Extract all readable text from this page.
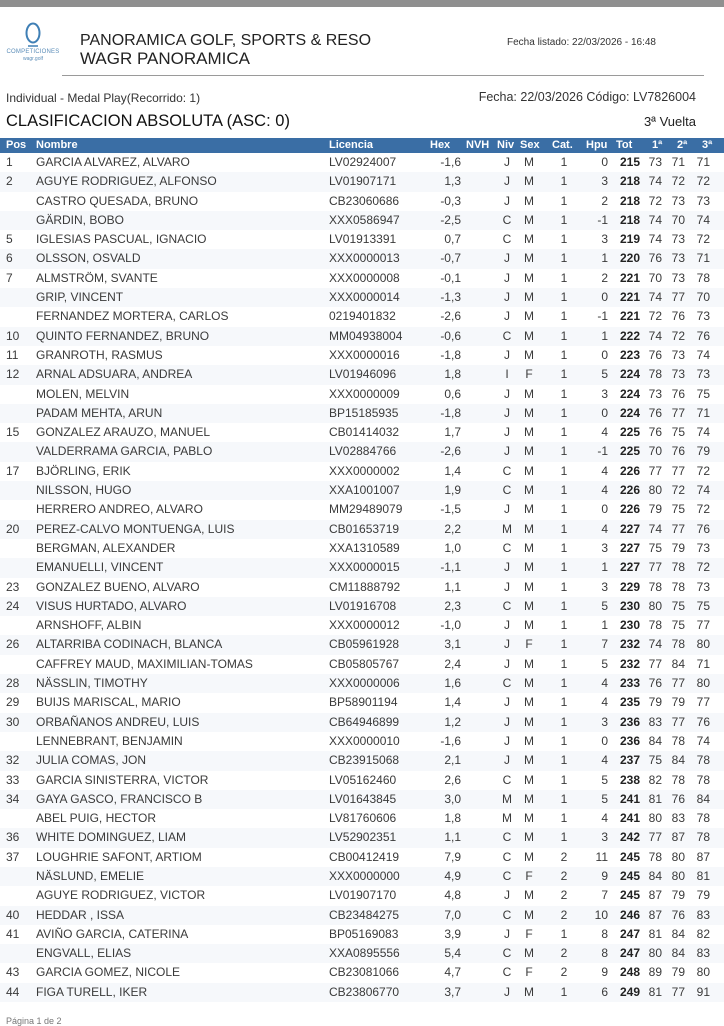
COMPETICIONES
wagr.golf
PANORAMICA GOLF, SPORTS & RESO
WAGR PANORAMICA
Fecha listado: 22/03/2026 - 16:48
Individual - Medal Play(Recorrido: 1)	Fecha: 22/03/2026 Código: LV7826004
CLASIFICACION ABSOLUTA (ASC: 0)	3ª Vuelta
Pos Nombre	Licencia	Hex	NVH Niv Sex Cat. Hpu Tot	1ª	2ª	3ª
1 GARCIA ALVAREZ, ALVARO	LV02924007	-1,6	J	M	1	0 215 73 71 71
2 AGUYE RODRIGUEZ, ALFONSO	LV01907171	1,3	J	M	1	3 218 74 72 72
CASTRO QUESADA, BRUNO	CB23060686	-0,3	J	M	1	2 218 72 73 73
GÄRDIN, BOBO	XXX0586947	-2,5	C	M	1	-1 218 74 70 74
5 IGLESIAS PASCUAL, IGNACIO	LV01913391	0,7	C	M	1	3 219 74 73 72
6 OLSSON, OSVALD	XXX0000013	-0,7	J	M	1	1 220 76 73 71
7 ALMSTRÖM, SVANTE	XXX0000008	-0,1	J	M	1	2 221 70 73 78
GRIP, VINCENT	XXX0000014	-1,3	J	M	1	0 221 74 77 70
FERNANDEZ MORTERA, CARLOS	0219401832	-2,6	J	M	1	-1 221 72 76 73
10 QUINTO FERNANDEZ, BRUNO	MM04938004	-0,6	C	M	1	1 222 74 72 76
11 GRANROTH, RASMUS	XXX0000016	-1,8	J	M	1	0 223 76 73 74
12 ARNAL ADSUARA, ANDREA	LV01946096	1,8	I	F	1	5 224 78 73 73
MOLEN, MELVIN	XXX0000009	0,6	J	M	1	3 224 73 76 75
PADAM MEHTA, ARUN	BP15185935	-1,8	J	M	1	0 224 76 77 71
15 GONZALEZ ARAUZO, MANUEL	CB01414032	1,7	J	M	1	4 225 76 75 74
VALDERRAMA GARCIA, PABLO	LV02884766	-2,6	J	M	1	-1 225 70 76 79
17 BJÖRLING, ERIK	XXX0000002	1,4	C	M	1	4 226 77 77 72
NILSSON, HUGO	XXA1001007	1,9	C	M	1	4 226 80 72 74
HERRERO ANDREO, ALVARO	MM29489079	-1,5	J	M	1	0 226 79 75 72
20 PEREZ-CALVO MONTUENGA, LUIS	CB01653719	2,2	M	M	1	4 227 74 77 76
BERGMAN, ALEXANDER	XXA1310589	1,0	C	M	1	3 227 75 79 73
EMANUELLI, VINCENT	XXX0000015	-1,1	J	M	1	1 227 77 78 72
23 GONZALEZ BUENO, ALVARO	CM11888792	1,1	J	M	1	3 229 78 78 73
24 VISUS HURTADO, ALVARO	LV01916708	2,3	C	M	1	5 230 80 75 75
ARNSHOFF, ALBIN	XXX0000012	-1,0	J	M	1	1 230 78 75 77
26 ALTARRIBA CODINACH, BLANCA	CB05961928	3,1	J	F	1	7 232 74 78 80
CAFFREY MAUD, MAXIMILIAN-TOMAS	CB05805767	2,4	J	M	1	5 232 77 84 71
28 NÄSSLIN, TIMOTHY	XXX0000006	1,6	C	M	1	4 233 76 77 80
29 BUIJS MARISCAL, MARIO	BP58901194	1,4	J	M	1	4 235 79 79 77
30 ORBAÑANOS ANDREU, LUIS	CB64946899	1,2	J	M	1	3 236 83 77 76
LENNEBRANT, BENJAMIN	XXX0000010	-1,6	J	M	1	0 236 84 78 74
32 JULIA COMAS, JON	CB23915068	2,1	J	M	1	4 237 75 84 78
33 GARCIA SINISTERRA, VICTOR	LV05162460	2,6	C	M	1	5 238 82 78 78
34 GAYA GASCO, FRANCISCO B	LV01643845	3,0	M	M	1	5 241 81 76 84
ABEL PUIG, HECTOR	LV81760606	1,8	M	M	1	4 241 80 83 78
36 WHITE DOMINGUEZ, LIAM	LV52902351	1,1	C	M	1	3 242 77 87 78
37 LOUGHRIE SAFONT, ARTIOM	CB00412419	7,9	C	M	2	11 245 78 80 87
NÄSLUND, EMELIE	XXX0000000	4,9	C	F	2	9 245 84 80 81
AGUYE RODRIGUEZ, VICTOR	LV01907170	4,8	J	M	2	7 245 87 79 79
40 HEDDAR , ISSA	CB23484275	7,0	C	M	2	10 246 87 76 83
41 AVIÑO GARCIA, CATERINA	BP05169083	3,9	J	F	1	8 247 81 84 82
ENGVALL, ELIAS	XXA0895556	5,4	C	M	2	8 247 80 84 83
43 GARCIA GOMEZ, NICOLE	CB23081066	4,7	C	F	2	9 248 89 79 80
44 FIGA TURELL, IKER	CB23806770	3,7	J	M	1	6 249 81 77 91
Página 1 de 2
